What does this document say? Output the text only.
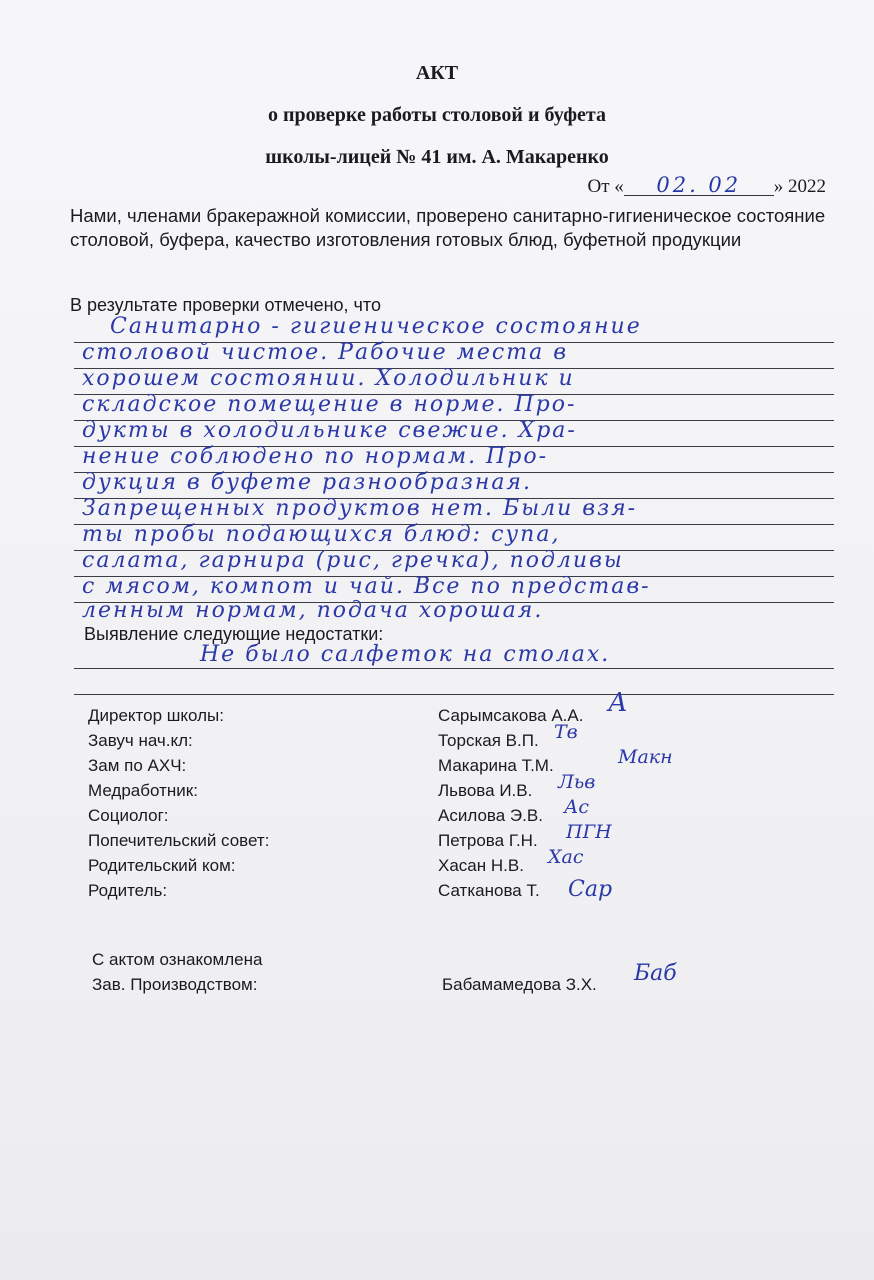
АКТ
о проверке работы столовой и буфета
школы-лицей № 41 им. А. Макаренко
От « 02. 02 » 2022
Нами, членами бракеражной комиссии, проверено санитарно-гигиеническое состояние столовой, буфера, качество изготовления готовых блюд, буфетной продукции
В результате проверки отмечено, что
Санитарно - гигиеническое состояние
столовой чистое. Рабочие места в
хорошем состоянии. Холодильник и
складское помещение в норме. Про-
дукты в холодильнике свежие. Хра-
нение соблюдено по нормам. Про-
дукция в буфете разнообразная.
Запрещенных продуктов нет. Были взя-
ты пробы подающихся блюд: супа,
салата, гарнира (рис, гречка), подливы
с мясом, компот и чай. Все по представ-
ленным нормам, подача хорошая.
Выявление следующие недостатки:
Не было салфеток на столах.
Директор школы:	Сарымсакова А.А. А
Завуч нач.кл:	Торская В.П. Тв
Зам по АХЧ:	Макарина Т.М.	Макн
Медработник:	Львова И.В. Льв
Социолог:	Асилова Э.В. Ас
Попечительский совет:	Петрова Г.Н. ПГН
Родительский ком:	Хасан Н.В. Хас
Родитель:	Сатканова Т. Сар
С актом ознакомлена
Зав. Производством:	Бабамамедова З.Х. Баб
